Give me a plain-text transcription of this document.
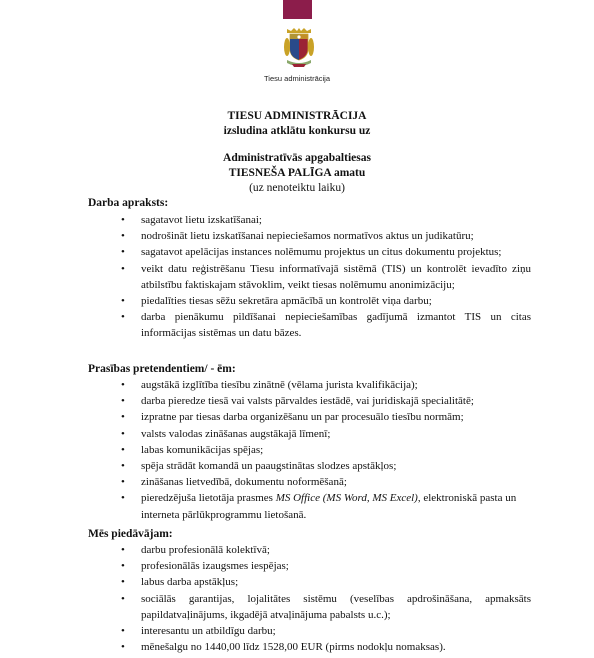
Tiesu administrācija
TIESU ADMINISTRĀCIJA
izsludina atklātu konkursu uz
Administratīvās apgabaltiesas
TIESNEŠA PALĪGA amatu
(uz nenoteiktu laiku)
Darba apraksts:
• sagatavot lietu izskatīšanai;
• nodrošināt lietu izskatīšanai nepieciešamos normatīvos aktus un judikatūru;
• sagatavot apelācijas instances nolēmumu projektus un citus dokumentu projektus;
• veikt datu reģistrēšanu Tiesu informatīvajā sistēmā (TIS) un kontrolēt ievadīto ziņu atbilstību faktiskajam stāvoklim, veikt tiesas nolēmumu anonimizāciju;
• piedalīties tiesas sēžu sekretāra apmācībā un kontrolēt viņa darbu;
• darba pienākumu pildīšanai nepieciešamības gadījumā izmantot TIS un citas informācijas sistēmas un datu bāzes.
Prasības pretendentiem/ - ēm:
• augstākā izglītība tiesību zinātnē (vēlama jurista kvalifikācija);
• darba pieredze tiesā vai valsts pārvaldes iestādē, vai juridiskajā specialitātē;
• izpratne par tiesas darba organizēšanu un par procesuālo tiesību normām;
• valsts valodas zināšanas augstākajā līmenī;
• labas komunikācijas spējas;
• spēja strādāt komandā un paaugstinātas slodzes apstākļos;
• zināšanas lietvedībā, dokumentu noformēšanā;
• pieredzējuša lietotāja prasmes MS Office (MS Word, MS Excel), elektroniskā pasta un interneta pārlūkprogrammu lietošanā.
Mēs piedāvājam:
• darbu profesionālā kolektīvā;
• profesionālās izaugsmes iespējas;
• labus darba apstākļus;
• sociālās garantijas, lojalitātes sistēmu (veselības apdrošināšana, apmaksāts papildatvaļinājums, ikgadējā atvaļinājuma pabalsts u.c.);
• interesantu un atbildīgu darbu;
• mēnešalgu no 1440,00 līdz 1528,00 EUR (pirms nodokļu nomaksas).
